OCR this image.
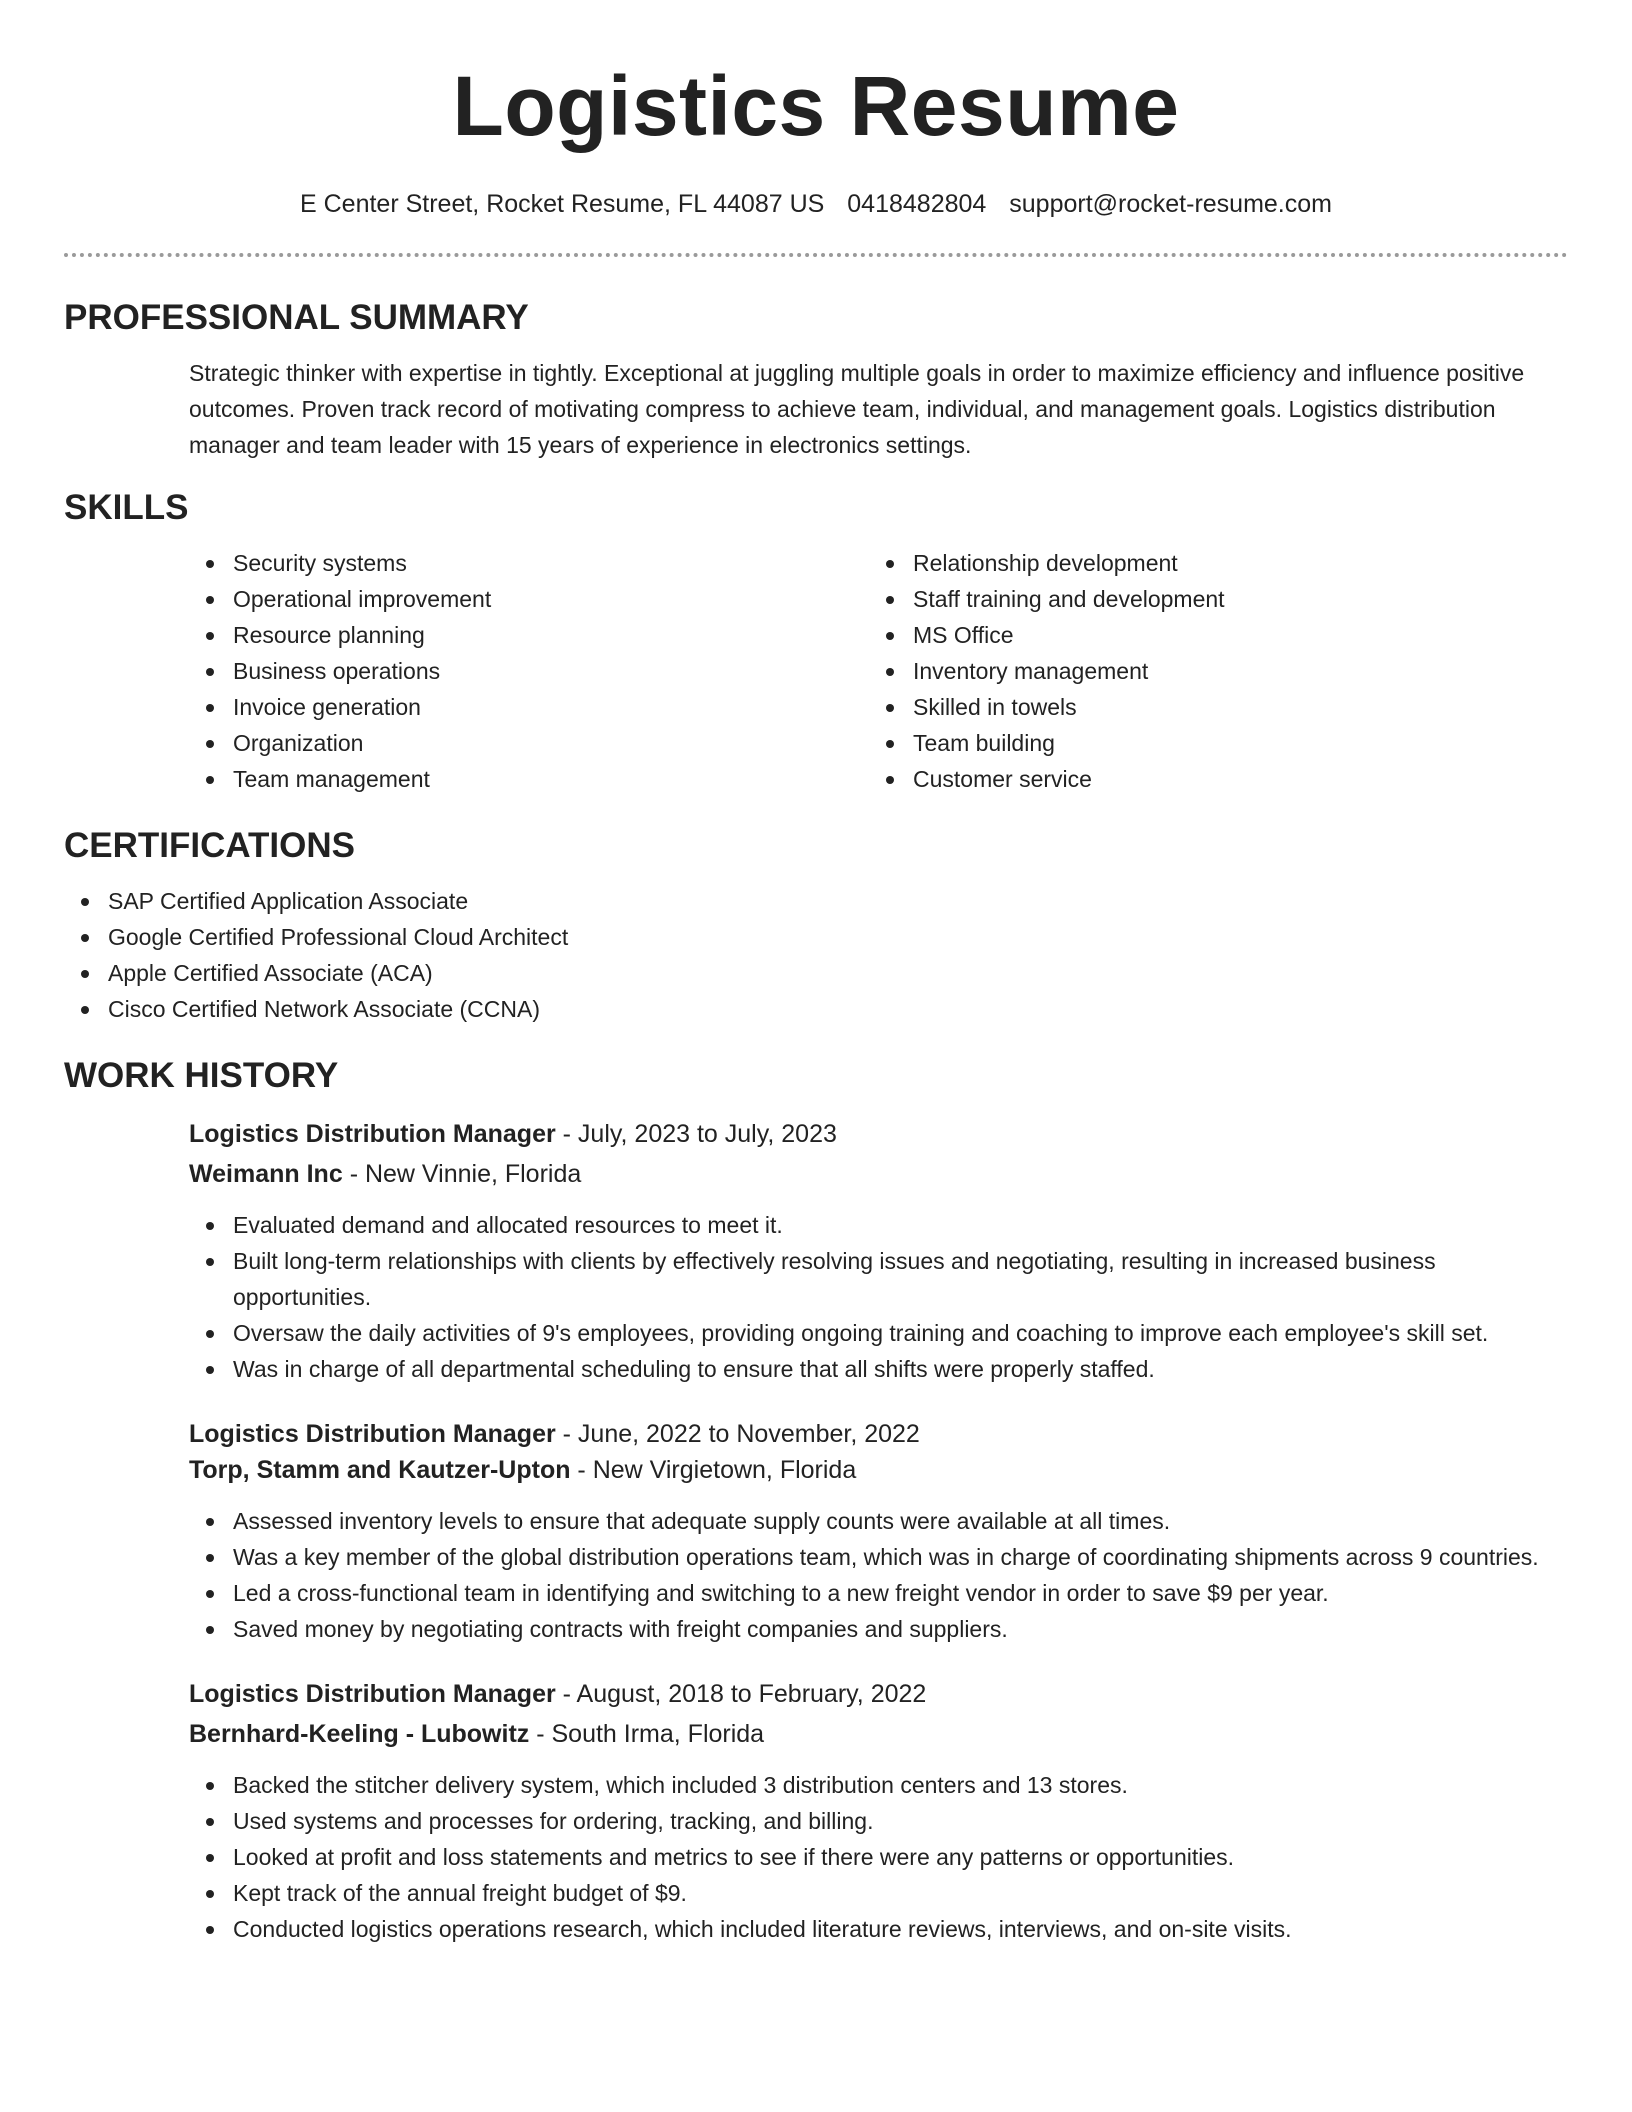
Logistics Resume
E Center Street, Rocket Resume, FL 44087 US 0418482804 support@rocket-resume.com
PROFESSIONAL SUMMARY

Strategic thinker with expertise in tightly. Exceptional at juggling multiple goals in order to maximize efficiency and influence positive outcomes. Proven track record of motivating compress to achieve team, individual, and management goals. Logistics distribution manager and team leader with 15 years of experience in electronics settings.

SKILLS
Security systems
Operational improvement
Resource planning
Business operations
Invoice generation
Organization
Team management
Relationship development
Staff training and development
MS Office
Inventory management
Skilled in towels
Team building
Customer service
CERTIFICATIONS
SAP Certified Application Associate
Google Certified Professional Cloud Architect
Apple Certified Associate (ACA)
Cisco Certified Network Associate (CCNA)
WORK HISTORY
Logistics Distribution Manager - July, 2023 to July, 2023
Weimann Inc - New Vinnie, Florida
Evaluated demand and allocated resources to meet it.
Built long-term relationships with clients by effectively resolving issues and negotiating, resulting in increased business opportunities.
Oversaw the daily activities of 9's employees, providing ongoing training and coaching to improve each employee's skill set.
Was in charge of all departmental scheduling to ensure that all shifts were properly staffed.
Logistics Distribution Manager - June, 2022 to November, 2022
Torp, Stamm and Kautzer-Upton - New Virgietown, Florida
Assessed inventory levels to ensure that adequate supply counts were available at all times.
Was a key member of the global distribution operations team, which was in charge of coordinating shipments across 9 countries.
Led a cross-functional team in identifying and switching to a new freight vendor in order to save $9 per year.
Saved money by negotiating contracts with freight companies and suppliers.
Logistics Distribution Manager - August, 2018 to February, 2022
Bernhard-Keeling - Lubowitz - South Irma, Florida
Backed the stitcher delivery system, which included 3 distribution centers and 13 stores.
Used systems and processes for ordering, tracking, and billing.
Looked at profit and loss statements and metrics to see if there were any patterns or opportunities.
Kept track of the annual freight budget of $9.
Conducted logistics operations research, which included literature reviews, interviews, and on-site visits.
